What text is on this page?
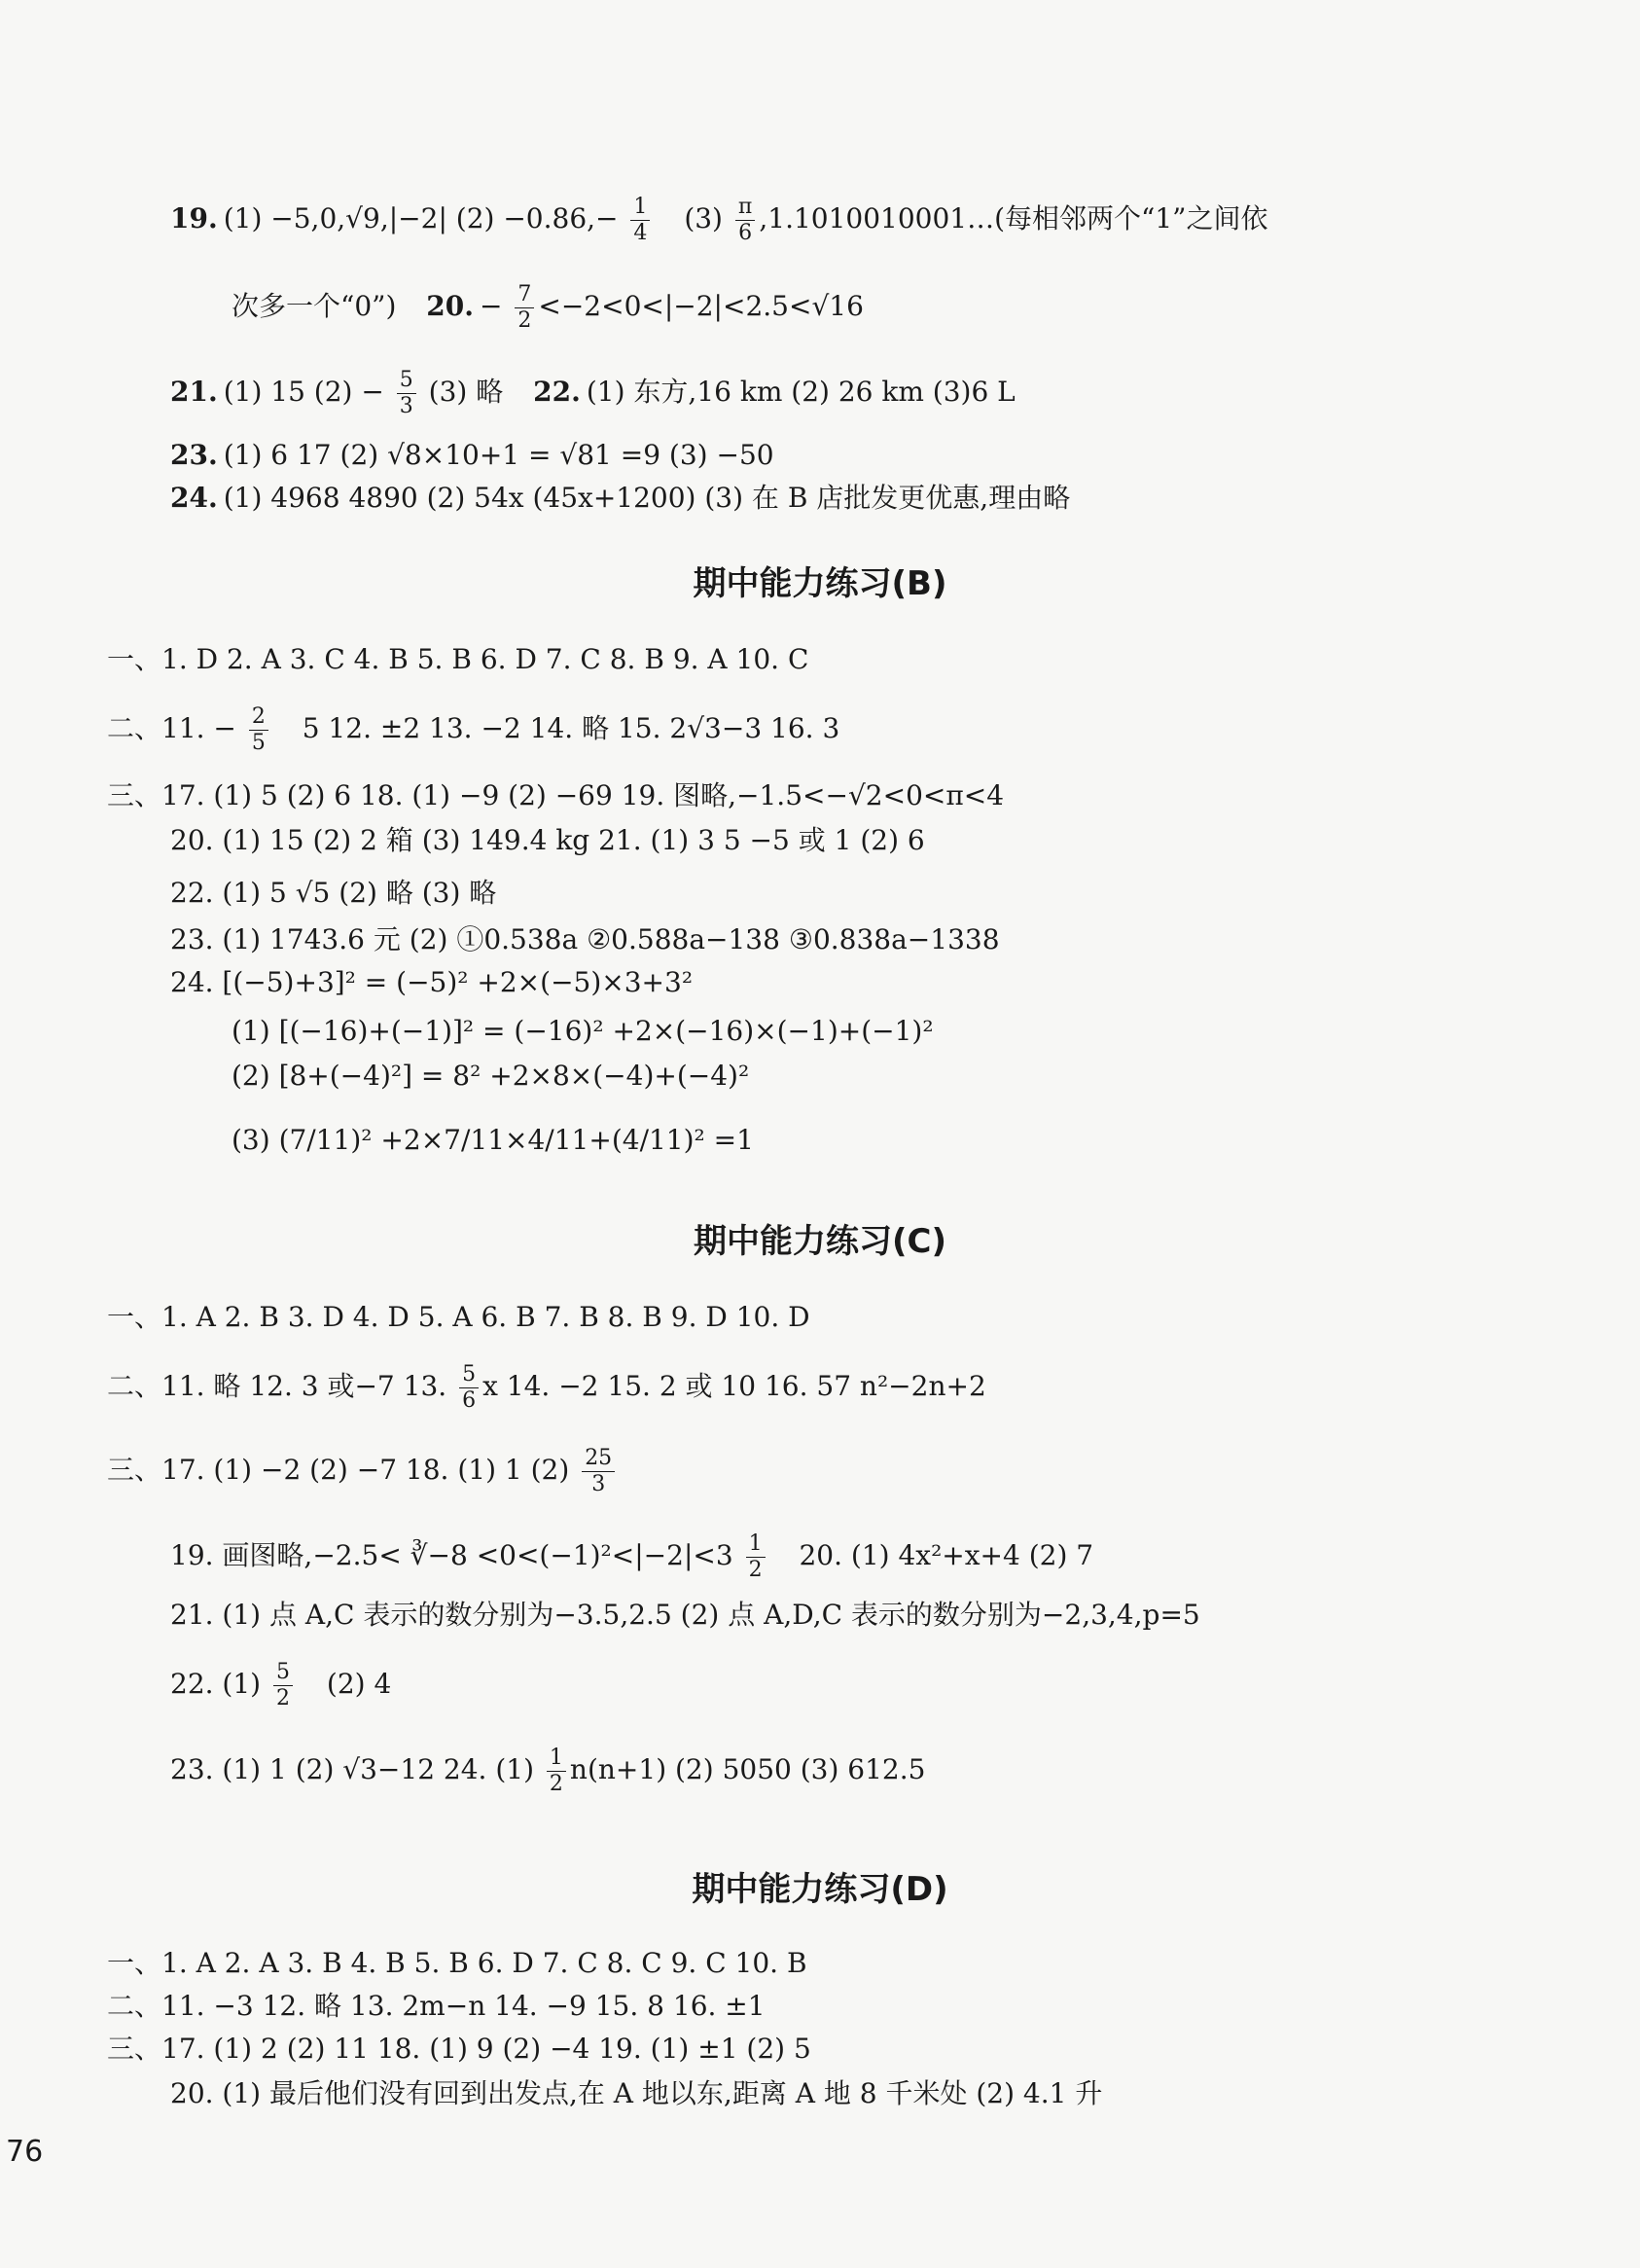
19. (1) −5,0,√9,|−2| $(2) -0.86,- \frac{1}{4} (3) \frac{\pi}{6}$ ,1.1010010001…(每相邻两个“1”之间依
次多一个“0”) 20. − $\frac{7}{2} <-2<0<|-2|<2.5<√16$
21. (1) 15 $(2) - \frac{5}{3} (3)$ 略 22. (1) 东方,16 km (2) 26 km (3)6 L
23. (1) 6 17 (2) √8×10+1 = √81 =9 (3) −50
24. (1) 4968 4890 (2) 54x (45x+1200) (3) 在 B 店批发更优惠,理由略
期中能力练习(B)
一、1. D 2. A 3. C 4. B 5. B 6. D 7. C 8. B 9. A 10. C
二、11. − $\frac{2}{5} 5$ 12. ±2 13. −2 14. 略 15. 2√3−3 16. 3
三、17. (1) 5 (2) 6 18. (1) −9 (2) −69 19. 图略,−1.5<−√2<0<π<4
20. (1) 15 (2) 2 箱 (3) 149.4 kg 21. (1) 3 5 −5 或 1 (2) 6
22. (1) 5 √5 (2) 略 (3) 略
23. (1) 1743.6 元 (2) ①0.538a ②0.588a−138 ③0.838a−1338
24. [(−5)+3]² = (−5)² +2×(−5)×3+3²
(1) [(−16)+(−1)]² = (−16)² +2×(−16)×(−1)+(−1)²
(2) [8+(−4)²] = 8² +2×8×(−4)+(−4)²
(3) (7/11)² +2×7/11×4/11+(4/11)² =1
期中能力练习(C)
一、1. A 2. B 3. D 4. D 5. A 6. B 7. B 8. B 9. D 10. D
二、11. 略 12. 3 或−7 13. $\frac{5}{6}$ x 14. −2 15. 2 或 10 16. 57 n²−2n+2
三、17. (1) −2 (2) −7 18. (1) 1 $(2) \frac{25}{3}$
19. 画图略,−2.5< ∛−8 $<0<(-1)^2<|-2|<3 \frac{1}{2} 20$. (1) 4x²+x+4 (2) 7
21. (1) 点 A,C 表示的数分别为−3.5,2.5 (2) 点 A,D,C 表示的数分别为−2,3,4,p=5
22. $(1) \frac{5}{2} (2)$ 4
23. (1) 1 (2) √3−12 24. $(1) \frac{1}{2} n(n+1)$ (2) 5050 (3) 612.5
期中能力练习(D)
一、1. A 2. A 3. B 4. B 5. B 6. D 7. C 8. C 9. C 10. B
二、11. −3 12. 略 13. 2m−n 14. −9 15. 8 16. ±1
三、17. (1) 2 (2) 11 18. (1) 9 (2) −4 19. (1) ±1 (2) 5
20. (1) 最后他们没有回到出发点,在 A 地以东,距离 A 地 8 千米处 (2) 4.1 升
76
